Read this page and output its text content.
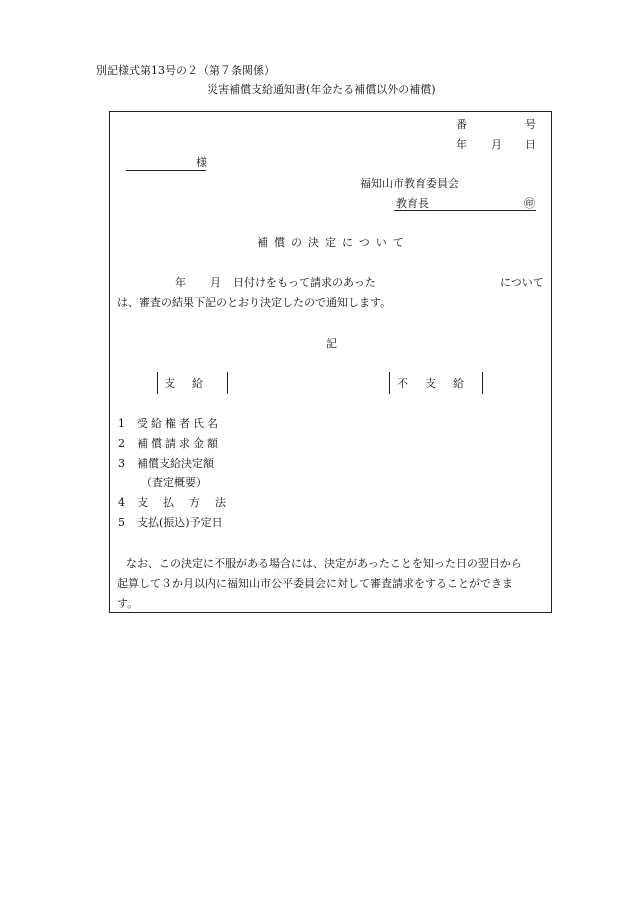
別記様式第13号の２（第７条関係）
災害補償支給通知書(年金たる補償以外の補償)
番	号
年 月 日
様
福知山市教育委員会
教育長	㊞
補償の決定について
年 月 日付けをもって請求のあった	について
は、審査の結果下記のとおり決定したので通知します。
記
支　給	不　支　給
1 受給権者氏名
2 補償請求金額
3 補償支給決定額
（査定概要）
4 支払方法
5 支払(振込)予定日
なお、この決定に不服がある場合には、決定があったことを知った日の翌日から
起算して３か月以内に福知山市公平委員会に対して審査請求をすることができま
す。
